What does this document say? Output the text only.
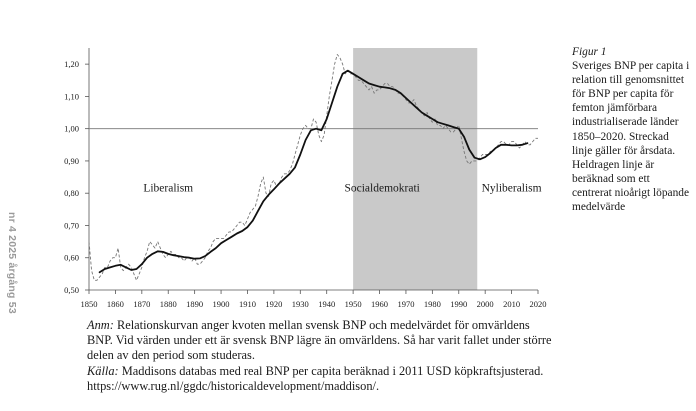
0,50
0,60
0,70
0,80
0,90
1,00
1,10
1,20
1850 1860 1870 1880 1890 1900 1910 1920 1930 1940 1950 1960 1970 1980 1990 2000 2010 2020
Liberalism	Socialdemokrati	Nyliberalism
Figur 1
Sveriges BNP per capita i relation till genomsnittet för BNP per capita för femton jämförbara industrialiserade länder 1850–2020. Streckad linje gäller för årsdata. Heldragen linje är beräknad som ett centrerat nioårigt löpande medelvärde
nr 4 2025 årgång 53

Anm: Relationskurvan anger kvoten mellan svensk BNP och medelvärdet för omvärldens BNP. Vid värden under ett är svensk BNP lägre än omvärldens. Så har varit fallet under större delen av den period som studeras.

Källa: Maddisons databas med real BNP per capita beräknad i 2011 USD köpkraftsjusterad. https://www.rug.nl/ggdc/historicaldevelopment/maddison/.
